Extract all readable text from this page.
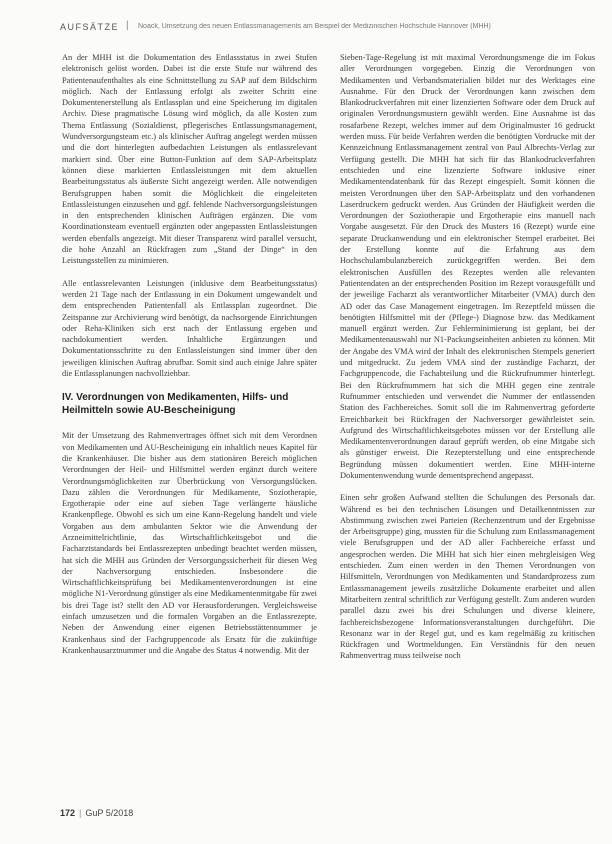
AUFSÄTZE | Noack, Umsetzung des neuen Entlassmanagements am Beispiel der Medizinischen Hochschule Hannover (MHH)

An der MHH ist die Dokumentation des Entlassstatus in zwei Stufen elektronisch gelöst worden. Dabei ist die erste Stufe nur während des Patientenaufenthaltes als eine Schnittstellung zu SAP auf dem Bildschirm möglich. Nach der Entlassung erfolgt als zweiter Schritt eine Dokumentenerstellung als Entlassplan und eine Speicherung im digitalen Archiv. Diese pragmatische Lösung wird möglich, da alle Kosten zum Thema Entlassung (Sozialdienst, pflegerisches Entlassungsmanagement, Wundversorgungsteam etc.) als klinischer Auftrag angelegt werden müssen und die dort hinterlegten aufbedachten Leistungen als entlassrelevant markiert sind. Über eine Button-Funktion auf dem SAP-Arbeitsplatz können diese markierten Entlassleistungen mit dem aktuellen Bearbeitungsstatus als äußerste Sicht angezeigt werden. Alle notwendigen Berufsgruppen haben somit die Möglichkeit die eingeleiteten Entlassleistungen einzusehen und ggf. fehlende Nachversorgungsleistungen in den entsprechenden klinischen Aufträgen ergänzen. Die vom Koordinationsteam eventuell ergänzten oder angepassten Entlassleistungen werden ebenfalls angezeigt. Mit dieser Transparenz wird parallel versucht, die hohe Anzahl an Rückfragen zum „Stand der Dinge“ in den Leistungsstellen zu minimieren.

Alle entlassrelevanten Leistungen (inklusive dem Bearbeitungsstatus) werden 21 Tage nach der Entlassung in ein Dokument umgewandelt und dem entsprechenden Patientenfall als Entlassplan zugeordnet. Die Zeitspanne zur Archivierung wird benötigt, da nachsorgende Einrichtungen oder Reha-Kliniken sich erst nach der Entlassung ergeben und nachdokumentiert werden. Inhaltliche Ergänzungen und Dokumentationsschritte zu den Entlassleistungen sind immer über den jeweiligen klinischen Auftrag abrufbar. Somit sind auch einige Jahre später die Entlassplanungen nachvollziehbar.

IV. Verordnungen von Medikamenten, Hilfs- und Heilmitteln sowie AU-Bescheinigung

Mit der Umsetzung des Rahmenvertrages öffnet sich mit dem Verordnen von Medikamenten und AU-Bescheinigung ein inhaltlich neues Kapitel für die Krankenhäuser. Die bisher aus dem stationären Bereich möglichen Verordnungen der Heil- und Hilfsmittel werden ergänzt durch weitere Verordnungsmöglichkeiten zur Überbrückung von Versorgungslücken. Dazu zählen die Verordnungen für Medikamente, Soziotherapie, Ergotherapie oder eine auf sieben Tage verlängerte häusliche Krankenpflege. Obwohl es sich um eine Kann-Regelung handelt und viele Vorgaben aus dem ambulanten Sektor wie die Anwendung der Arzneimittelrichtlinie, das Wirtschaftlichkeitsgebot und die Facharztstandards bei Entlassrezepten unbedingt beachtet werden müssen, hat sich die MHH aus Gründen der Versorgungssicherheit für diesen Weg der Nachversorgung entschieden. Insbesondere die Wirtschaftlichkeitsprüfung bei Medikamentenverordnungen ist eine mögliche N1-Verordnung günstiger als eine Medikamentenmitgabe für zwei bis drei Tage ist? stellt den AD vor Herausforderungen. Vergleichsweise einfach umzusetzen und die formalen Vorgaben an die Entlassrezepte. Neben der Anwendung einer eigenen Betriebsstättennummer je Krankenhaus sind der Fachgruppencode als Ersatz für die zukünftige Krankenhausarztnummer und die Angabe des Status 4 notwendig. Mit der

Sieben-Tage-Regelung ist mit maximal Verordnungsmenge die im Fokus aller Verordnungen vorgegeben. Einzig die Verordnungen von Medikamenten und Verbandsmaterialien bildet nur des Werktages eine Ausnahme. Für den Druck der Verordnungen kann zwischen dem Blankodruckverfahren mit einer lizenzierten Software oder dem Druck auf originalen Verordnungsmustern gewählt werden. Eine Ausnahme ist das rosafarbene Rezept, welches immer auf dem Originalmuster 16 gedruckt werden muss. Für beide Verfahren werden die benötigten Vordrucke mit der Kennzeichnung Entlassmanagement zentral von Paul Albrechts-Verlag zur Verfügung gestellt. Die MHH hat sich für das Blankodruckverfahren entschieden und eine lizenzierte Software inklusive einer Medikamentendatenbank für das Rezept eingespielt. Somit können die meisten Verordnungen über den SAP-Arbeitsplatz und den vorhandenen Laserdruckern gedruckt werden. Aus Gründen der Häufigkeit werden die Verordnungen der Soziotherapie und Ergotherapie eins manuell nach Vorgabe ausgesetzt. Für den Druck des Musters 16 (Rezept) wurde eine separate Druckanwendung und ein elektronischer Stempel erarbeitet. Bei der Erstellung konnte auf die Erfahrung aus dem Hochschulambulanzbereich zurückgegriffen werden. Bei dem elektronischen Ausfüllen des Rezeptes werden alle relevanten Patientendaten an der entsprechenden Position im Rezept vorausgefüllt und der jeweilige Facharzt als verantwortlicher Mitarbeiter (VMA) durch den AD oder das Case Management eingetragen. Im Rezeptfeld müssen die benötigten Hilfsmittel mit der (Pflege-) Diagnose bzw. das Medikament manuell ergänzt werden. Zur Fehlerminimierung ist geplant, bei der Medikamentenauswahl nur N1-Packungseinheiten anbieten zu können. Mit der Angabe des VMA wird der Inhalt des elektronischen Stempels generiert und mitgedruckt. Zu jedem VMA sind der zuständige Facharzt, der Fachgruppencode, die Fachabteilung und die Rückrufnummer hinterlegt. Bei den Rückrufnummern hat sich die MHH gegen eine zentrale Rufnummer entschieden und verwendet die Nummer der entlassenden Station des Fachbereiches. Somit soll die im Rahmenvertrag geforderte Erreichbarkeit bei Rückfragen der Nachversorger gewährleistet sein. Aufgrund des Wirtschaftlichkeitsgebotes müssen vor der Erstellung alle Medikamentenverordnungen darauf geprüft werden, ob eine Mitgabe sich als günstiger erweist. Die Rezepterstellung und eine entsprechende Begründung müssen dokumentiert werden. Eine MHH-interne Dokumentenwendung wurde dementsprechend angepasst.

Einen sehr großen Aufwand stellten die Schulungen des Personals dar. Während es bei den technischen Lösungen und Detailkenntnissen zur Abstimmung zwischen zwei Parteien (Rechenzentrum und der Ergebnisse der Arbeitsgruppe) ging, mussten für die Schulung zum Entlassmanagement viele Berufsgruppen und der AD aller Fachbereiche erfasst und angesprochen werden. Die MHH hat sich hier einen mehrgleisigen Weg entschieden. Zum einen werden in den Themen Verordnungen von Hilfsmitteln, Verordnungen von Medikamenten und Standardprozess zum Entlassmanagement jeweils zusätzliche Dokumente erarbeitet und allen Mitarbeitern zentral schriftlich zur Verfügung gestellt. Zum anderen wurden parallel dazu zwei bis drei Schulungen und diverse kleinere, fachbereichsbezogene Informationsveranstaltungen durchgeführt. Die Resonanz war in der Regel gut, und es kam regelmäßig zu kritischen Rückfragen und Wortmeldungen. Ein Verständnis für den neuen Rahmenvertrag muss teilweise noch

172 | GuP 5/2018
